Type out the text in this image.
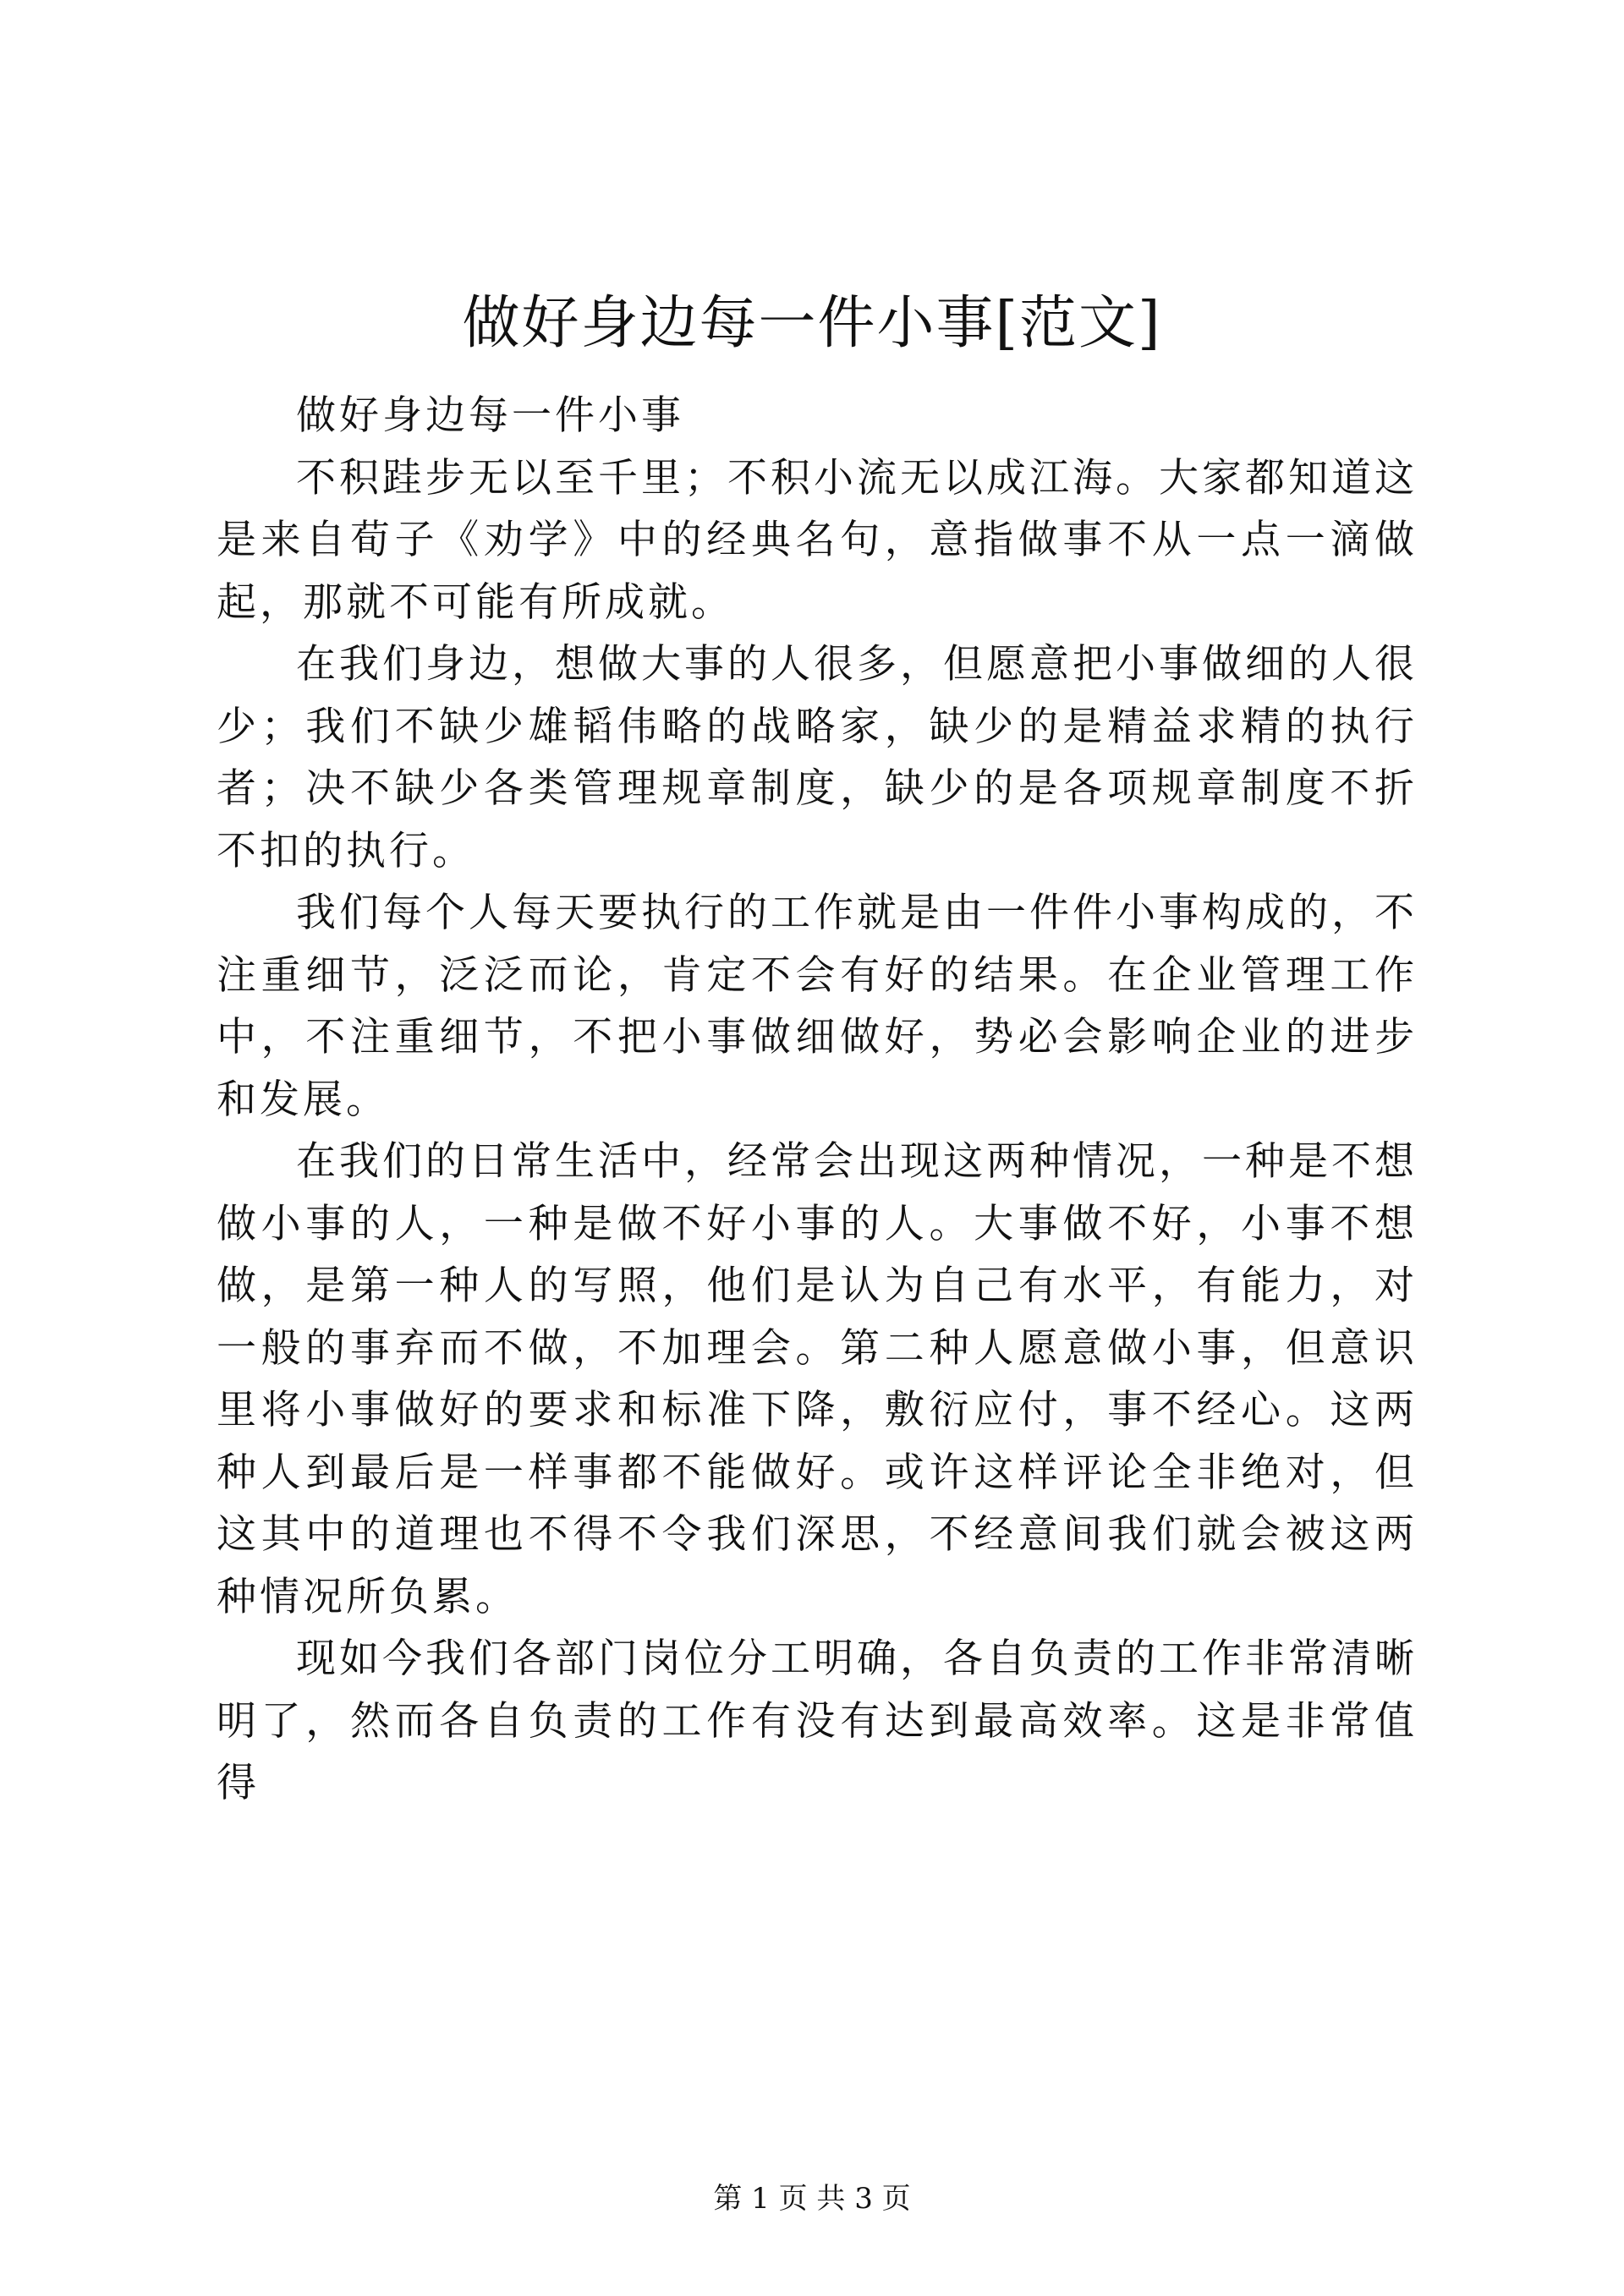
做好身边每一件小事[范文]

做好身边每一件小事

不积跬步无以至千里；不积小流无以成江海。大家都知道这是来自荀子《劝学》中的经典名句，意指做事不从一点一滴做起，那就不可能有所成就。

在我们身边，想做大事的人很多，但愿意把小事做细的人很少；我们不缺少雄韬伟略的战略家，缺少的是精益求精的执行者；决不缺少各类管理规章制度，缺少的是各项规章制度不折不扣的执行。

我们每个人每天要执行的工作就是由一件件小事构成的，不注重细节，泛泛而论，肯定不会有好的结果。在企业管理工作中，不注重细节，不把小事做细做好，势必会影响企业的进步和发展。

在我们的日常生活中，经常会出现这两种情况，一种是不想做小事的人，一种是做不好小事的人。大事做不好，小事不想做，是第一种人的写照，他们是认为自己有水平，有能力，对一般的事弃而不做，不加理会。第二种人愿意做小事，但意识里将小事做好的要求和标准下降，敷衍应付，事不经心。这两种人到最后是一样事都不能做好。或许这样评论全非绝对，但这其中的道理也不得不令我们深思，不经意间我们就会被这两种情况所负累。

现如今我们各部门岗位分工明确，各自负责的工作非常清晰明了，然而各自负责的工作有没有达到最高效率。这是非常值得

第 1 页 共 3 页
